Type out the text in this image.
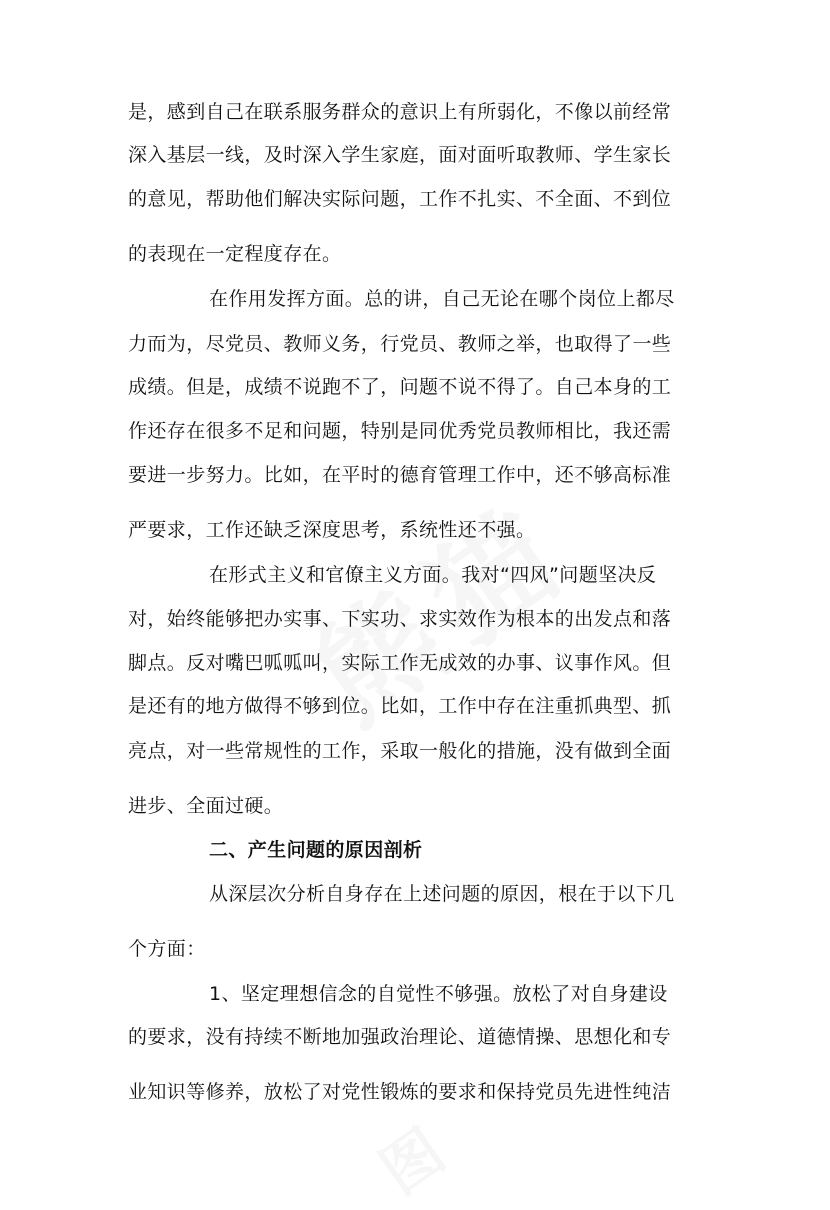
是，感到自己在联系服务群众的意识上有所弱化，不像以前经常
深入基层一线，及时深入学生家庭，面对面听取教师、学生家长
的意见，帮助他们解决实际问题，工作不扎实、不全面、不到位
的表现在一定程度存在。
在作用发挥方面。总的讲，自己无论在哪个岗位上都尽
力而为，尽党员、教师义务，行党员、教师之举，也取得了一些
成绩。但是，成绩不说跑不了，问题不说不得了。自己本身的工
作还存在很多不足和问题，特别是同优秀党员教师相比，我还需
要进一步努力。比如，在平时的德育管理工作中，还不够高标准
严要求，工作还缺乏深度思考，系统性还不强。
在形式主义和官僚主义方面。我对“四风”问题坚决反
对，始终能够把办实事、下实功、求实效作为根本的出发点和落
脚点。反对嘴巴呱呱叫，实际工作无成效的办事、议事作风。但
是还有的地方做得不够到位。比如，工作中存在注重抓典型、抓
亮点，对一些常规性的工作，采取一般化的措施，没有做到全面
进步、全面过硬。
二、产生问题的原因剖析
从深层次分析自身存在上述问题的原因，根在于以下几
个方面：
1、坚定理想信念的自觉性不够强。放松了对自身建设
的要求，没有持续不断地加强政治理论、道德情操、思想化和专
业知识等修养，放松了对党性锻炼的要求和保持党员先进性纯洁
